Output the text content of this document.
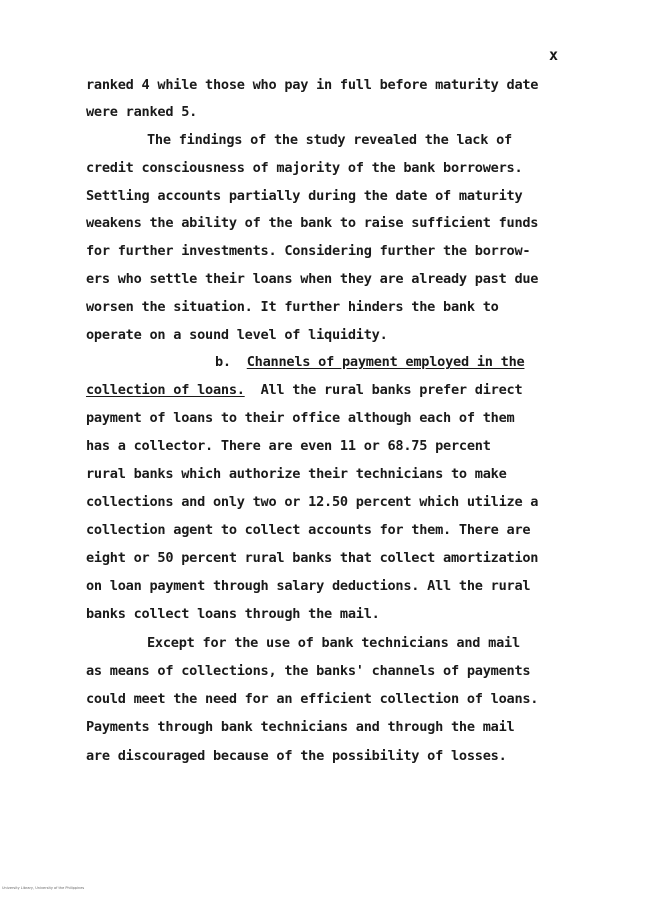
x
ranked 4 while those who pay in full before maturity date
were ranked 5.
The findings of the study revealed the lack of
credit consciousness of majority of the bank borrowers.
Settling accounts partially during the date of maturity
weakens the ability of the bank to raise sufficient funds
for further investments. Considering further the borrow-
ers who settle their loans when they are already past due
worsen the situation. It further hinders the bank to
operate on a sound level of liquidity.
b. Channels of payment employed in the
collection of loans. All the rural banks prefer direct
payment of loans to their office although each of them
has a collector. There are even 11 or 68.75 percent
rural banks which authorize their technicians to make
collections and only two or 12.50 percent which utilize a
collection agent to collect accounts for them. There are
eight or 50 percent rural banks that collect amortization
on loan payment through salary deductions. All the rural
banks collect loans through the mail.
Except for the use of bank technicians and mail
as means of collections, the banks' channels of payments
could meet the need for an efficient collection of loans.
Payments through bank technicians and through the mail
are discouraged because of the possibility of losses.
University Library, University of the Philippines
